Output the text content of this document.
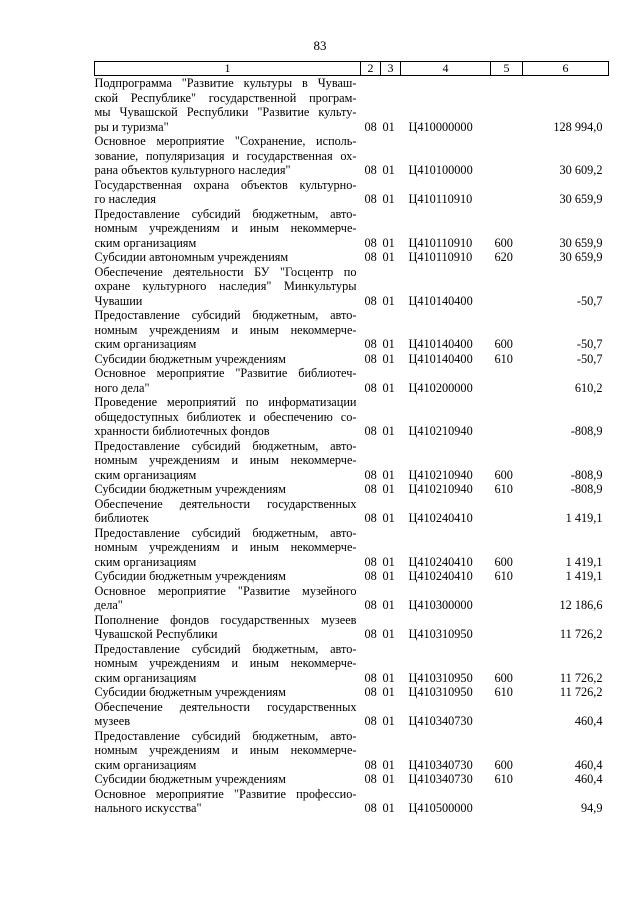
83
1	2	3	4	5	6

Подпрограмма "Развитие культуры в Чуваш-
ской Республике" государственной програм-
мы Чувашской Республики "Развитие культу-
ры и туризма"	08	01	Ц410000000		128 994,0

Основное мероприятие "Сохранение, исполь-
зование, популяризация и государственная ох-
рана объектов культурного наследия"	08	01	Ц410100000		30 609,2

Государственная охрана объектов культурно-
го наследия	08	01	Ц410110910		30 659,9

Предоставление субсидий бюджетным, авто-
номным учреждениям и иным некоммерче-
ским организациям	08	01	Ц410110910	600	30 659,9

Субсидии автономным учреждениям	08	01	Ц410110910	620	30 659,9

Обеспечение деятельности БУ "Госцентр по
охране культурного наследия" Минкультуры
Чувашии	08	01	Ц410140400		-50,7

Предоставление субсидий бюджетным, авто-
номным учреждениям и иным некоммерче-
ским организациям	08	01	Ц410140400	600	-50,7

Субсидии бюджетным учреждениям	08	01	Ц410140400	610	-50,7

Основное мероприятие "Развитие библиотеч-
ного дела"	08	01	Ц410200000		610,2

Проведение мероприятий по информатизации
общедоступных библиотек и обеспечению со-
хранности библиотечных фондов	08	01	Ц410210940		-808,9

Предоставление субсидий бюджетным, авто-
номным учреждениям и иным некоммерче-
ским организациям	08	01	Ц410210940	600	-808,9

Субсидии бюджетным учреждениям	08	01	Ц410210940	610	-808,9

Обеспечение деятельности государственных
библиотек	08	01	Ц410240410		1 419,1

Предоставление субсидий бюджетным, авто-
номным учреждениям и иным некоммерче-
ским организациям	08	01	Ц410240410	600	1 419,1

Субсидии бюджетным учреждениям	08	01	Ц410240410	610	1 419,1

Основное мероприятие "Развитие музейного
дела"	08	01	Ц410300000		12 186,6

Пополнение фондов государственных музеев
Чувашской Республики	08	01	Ц410310950		11 726,2

Предоставление субсидий бюджетным, авто-
номным учреждениям и иным некоммерче-
ским организациям	08	01	Ц410310950	600	11 726,2

Субсидии бюджетным учреждениям	08	01	Ц410310950	610	11 726,2

Обеспечение деятельности государственных
музеев	08	01	Ц410340730		460,4

Предоставление субсидий бюджетным, авто-
номным учреждениям и иным некоммерче-
ским организациям	08	01	Ц410340730	600	460,4

Субсидии бюджетным учреждениям	08	01	Ц410340730	610	460,4

Основное мероприятие "Развитие профессио-
нального искусства"	08	01	Ц410500000		94,9
